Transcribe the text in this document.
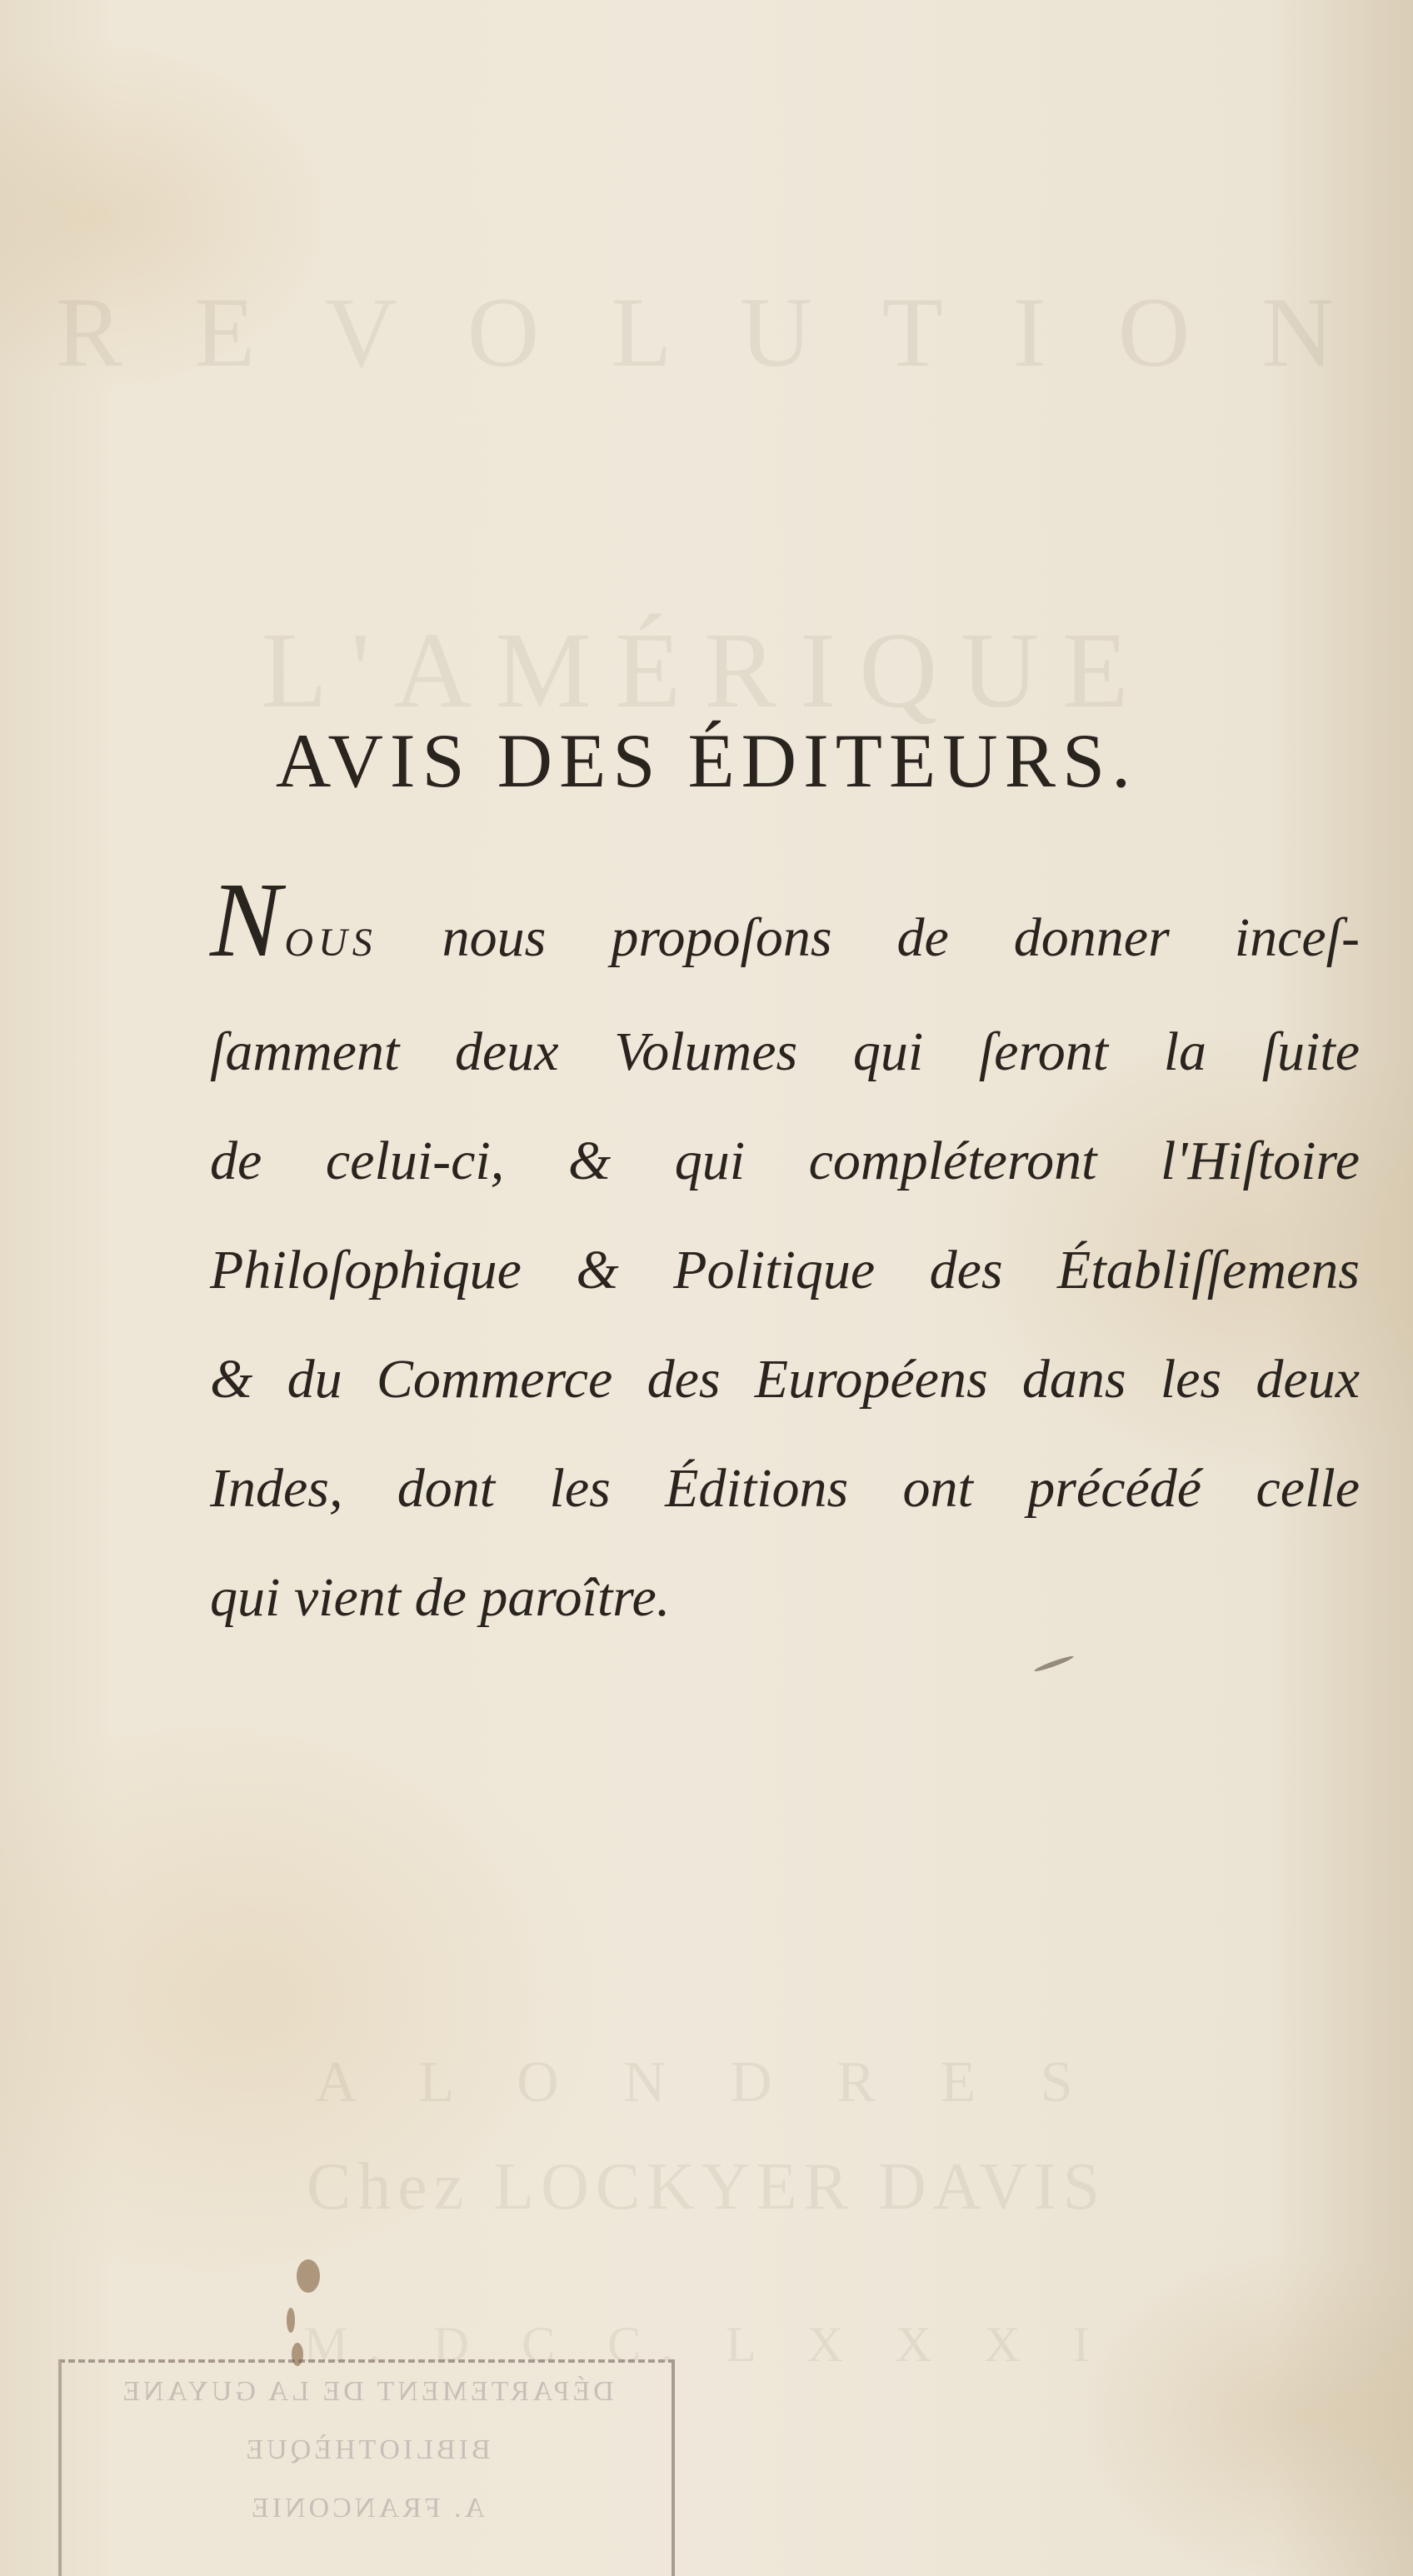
R E V O L U T I O N
L'AMÉRIQUE
A L O N D R E S
Chez LOCKYER DAVIS
M. D C C. L X X X I
AVIS DES ÉDITEURS.
NOUS nous propoſons de donner inceſ-
ſamment deux Volumes qui ſeront la ſuite
de celui-ci, & qui compléteront l'Hiſtoire
Philoſophique & Politique des Établiſſemens
& du Commerce des Européens dans les deux
Indes, dont les Éditions ont précédé celle
qui vient de paroître.
DÉPARTEMENT DE LA GUYANE
BIBLIOTHÈQUE
A. FRANCONIE
